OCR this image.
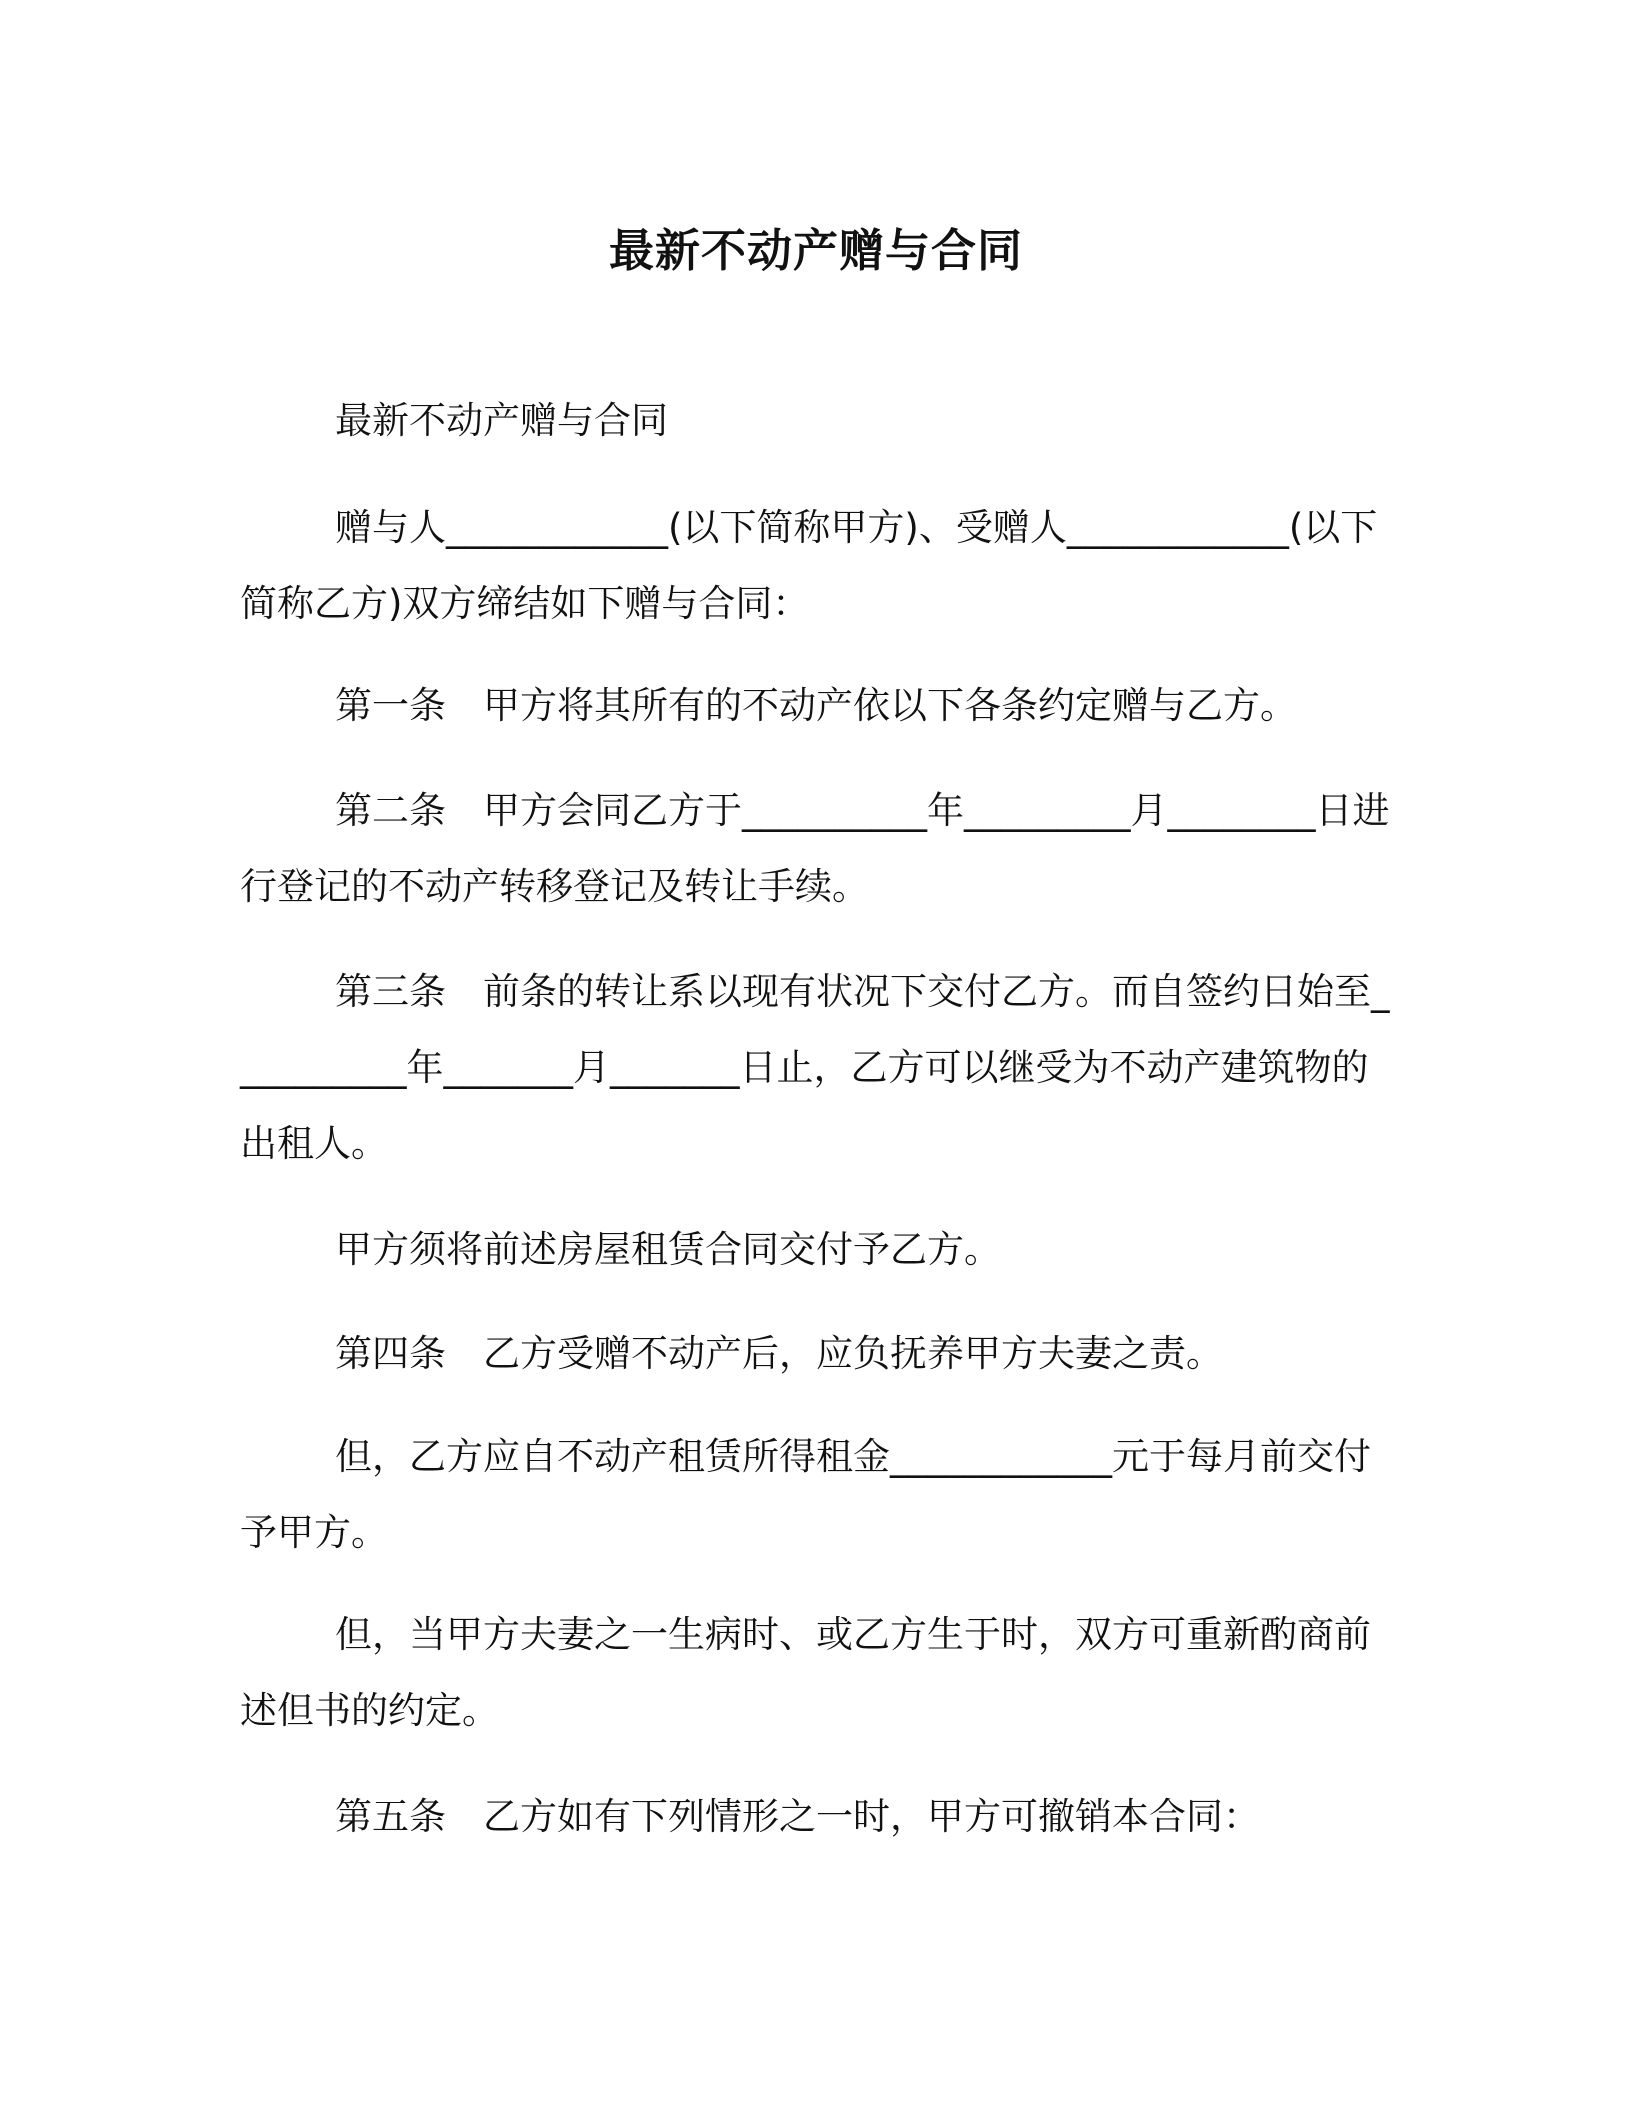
最新不动产赠与合同
最新不动产赠与合同
赠与人____________(以下简称甲方)、受赠人____________(以下简称乙方)双方缔结如下赠与合同：
第一条　甲方将其所有的不动产依以下各条约定赠与乙方。
第二条　甲方会同乙方于__________年_________月________日进行登记的不动产转移登记及转让手续。
第三条　前条的转让系以现有状况下交付乙方。而自签约日始至__________年_______月_______日止，乙方可以继受为不动产建筑物的出租人。
甲方须将前述房屋租赁合同交付予乙方。
第四条　乙方受赠不动产后，应负抚养甲方夫妻之责。
但，乙方应自不动产租赁所得租金____________元于每月前交付予甲方。
但，当甲方夫妻之一生病时、或乙方生于时，双方可重新酌商前述但书的约定。
第五条　乙方如有下列情形之一时，甲方可撤销本合同：
